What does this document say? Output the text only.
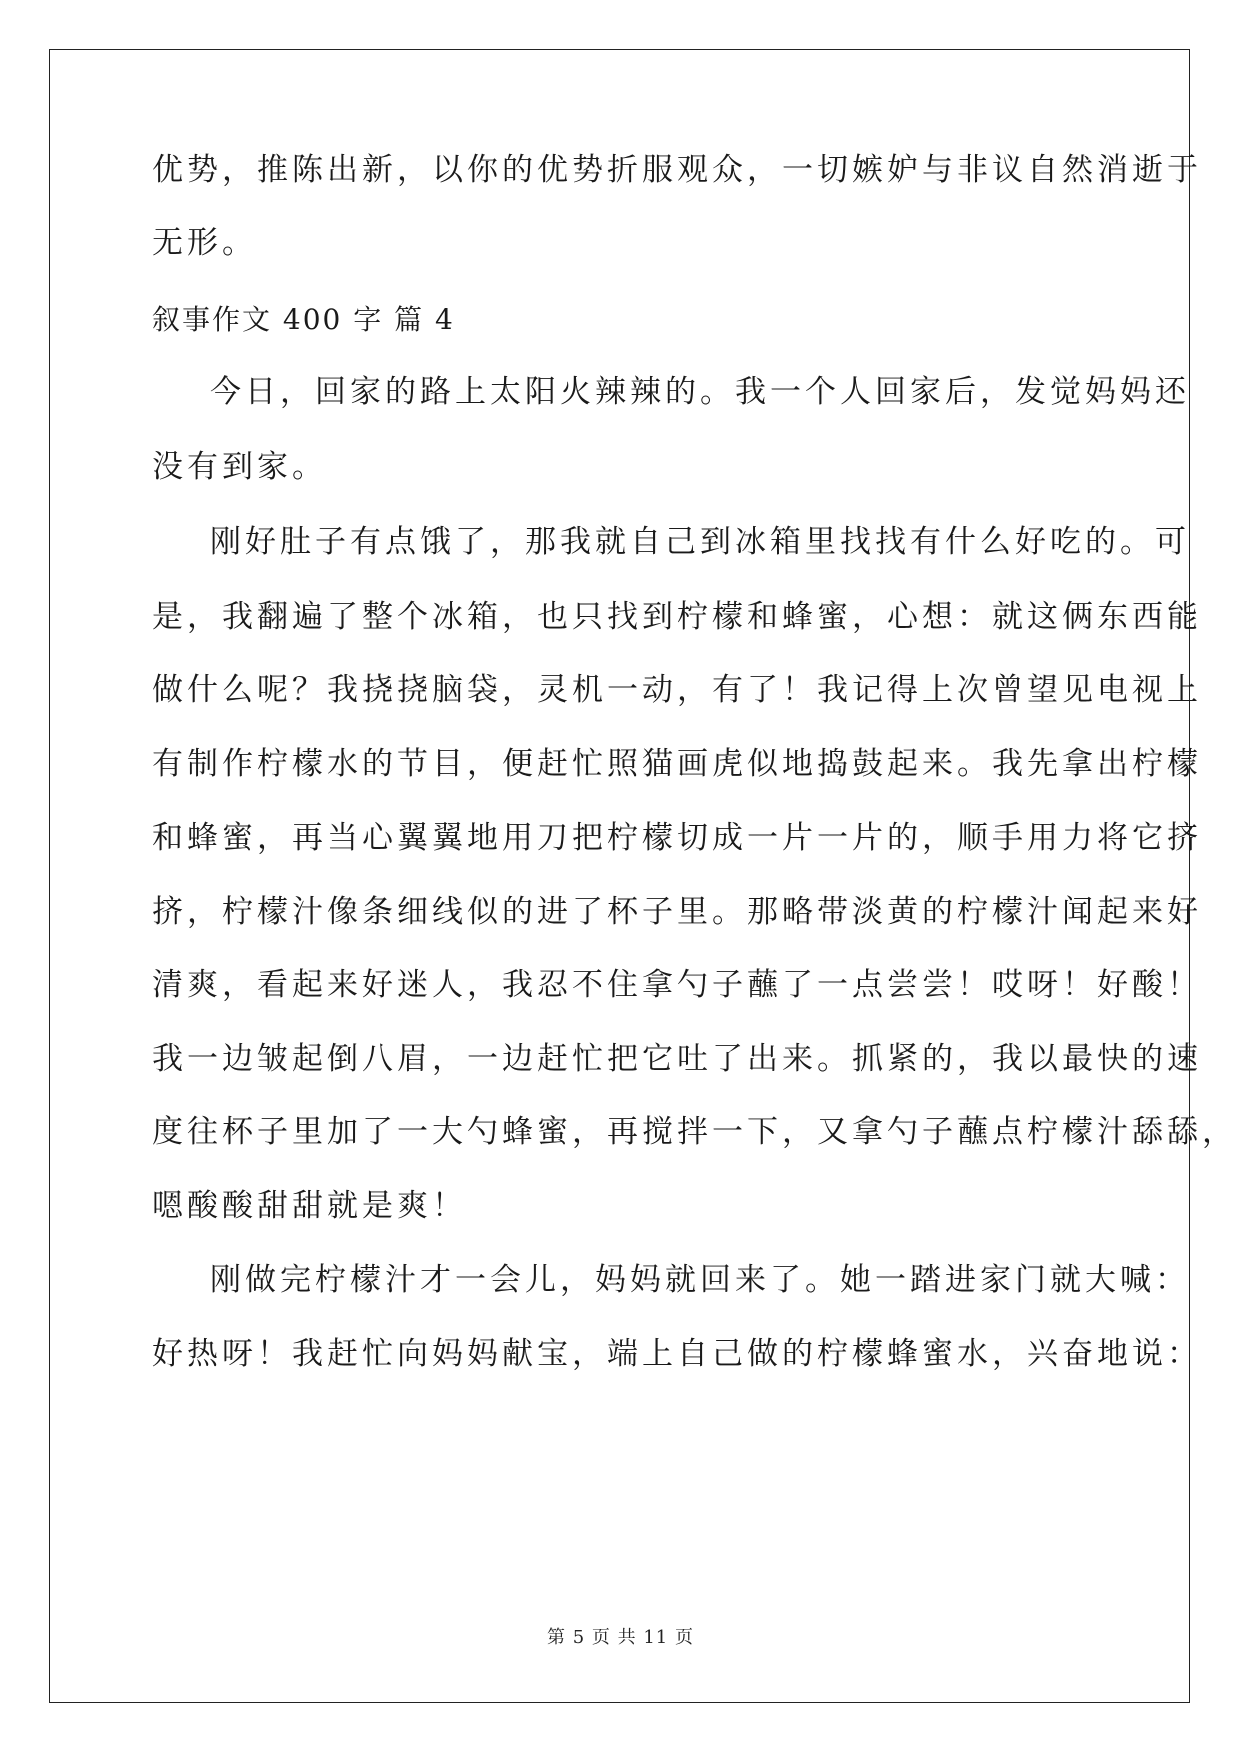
优势，推陈出新，以你的优势折服观众，一切嫉妒与非议自然消逝于
无形。
叙事作文 400 字 篇 4
今日，回家的路上太阳火辣辣的。我一个人回家后，发觉妈妈还
没有到家。
刚好肚子有点饿了，那我就自己到冰箱里找找有什么好吃的。可
是，我翻遍了整个冰箱，也只找到柠檬和蜂蜜，心想：就这俩东西能
做什么呢？我挠挠脑袋，灵机一动，有了！我记得上次曾望见电视上
有制作柠檬水的节目，便赶忙照猫画虎似地捣鼓起来。我先拿出柠檬
和蜂蜜，再当心翼翼地用刀把柠檬切成一片一片的，顺手用力将它挤
挤，柠檬汁像条细线似的进了杯子里。那略带淡黄的柠檬汁闻起来好
清爽，看起来好迷人，我忍不住拿勺子蘸了一点尝尝！哎呀！好酸！
我一边皱起倒八眉，一边赶忙把它吐了出来。抓紧的，我以最快的速
度往杯子里加了一大勺蜂蜜，再搅拌一下，又拿勺子蘸点柠檬汁舔舔，
嗯酸酸甜甜就是爽！
刚做完柠檬汁才一会儿，妈妈就回来了。她一踏进家门就大喊：
好热呀！我赶忙向妈妈献宝，端上自己做的柠檬蜂蜜水，兴奋地说：
第 5 页 共 11 页
